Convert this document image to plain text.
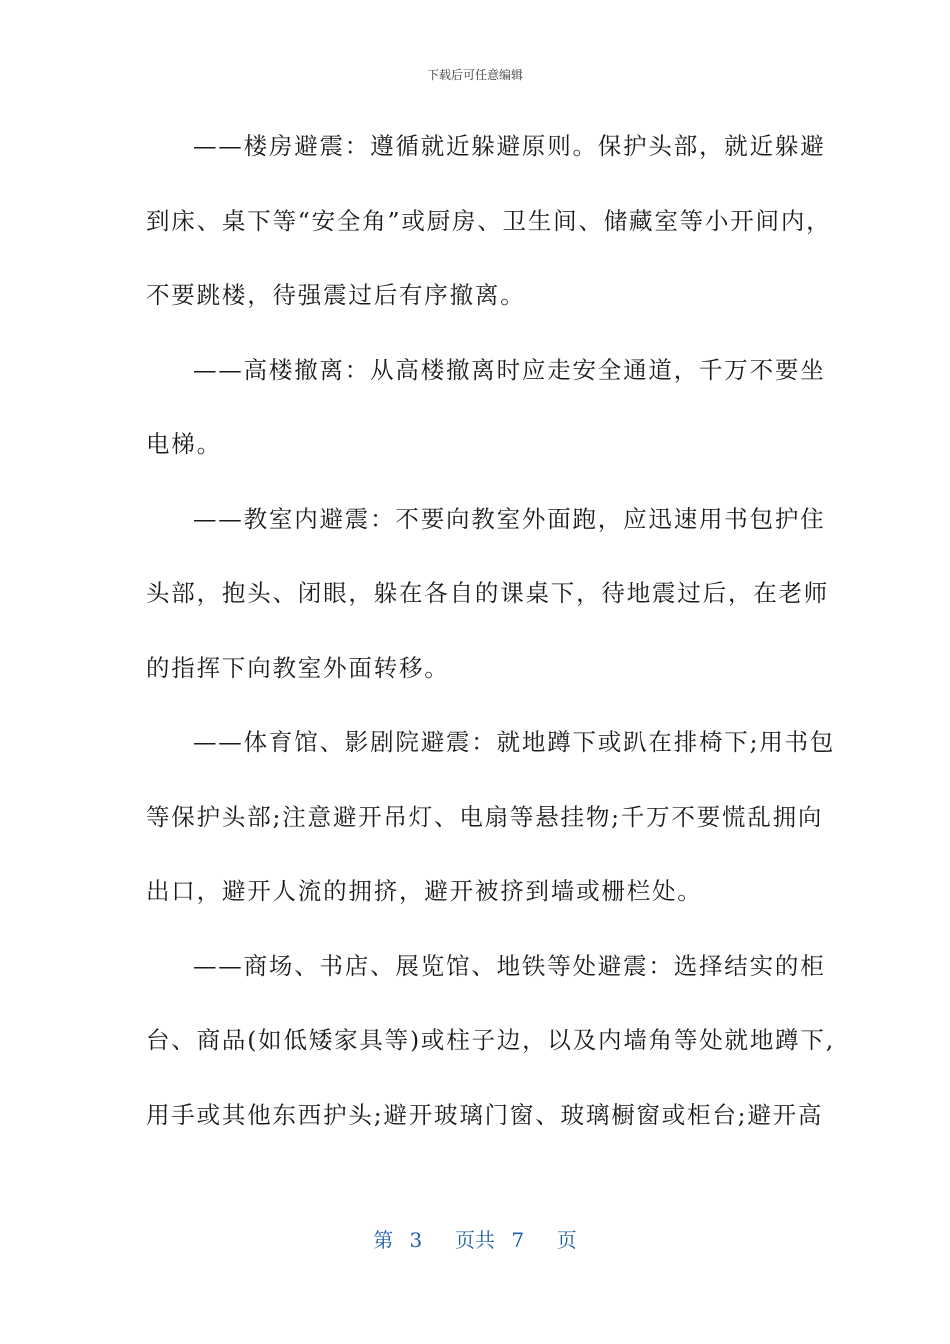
下载后可任意编辑
——楼房避震：遵循就近躲避原则。保护头部，就近躲避
到床、桌下等“安全角”或厨房、卫生间、储藏室等小开间内，
不要跳楼，待强震过后有序撤离。
——高楼撤离：从高楼撤离时应走安全通道，千万不要坐
电梯。
——教室内避震：不要向教室外面跑，应迅速用书包护住
头部，抱头、闭眼，躲在各自的课桌下，待地震过后，在老师
的指挥下向教室外面转移。
——体育馆、影剧院避震：就地蹲下或趴在排椅下;用书包
等保护头部;注意避开吊灯、电扇等悬挂物;千万不要慌乱拥向
出口，避开人流的拥挤，避开被挤到墙或栅栏处。
——商场、书店、展览馆、地铁等处避震：选择结实的柜
台、商品(如低矮家具等)或柱子边，以及内墙角等处就地蹲下,
用手或其他东西护头;避开玻璃门窗、玻璃橱窗或柜台;避开高
第 3  页共 7  页
